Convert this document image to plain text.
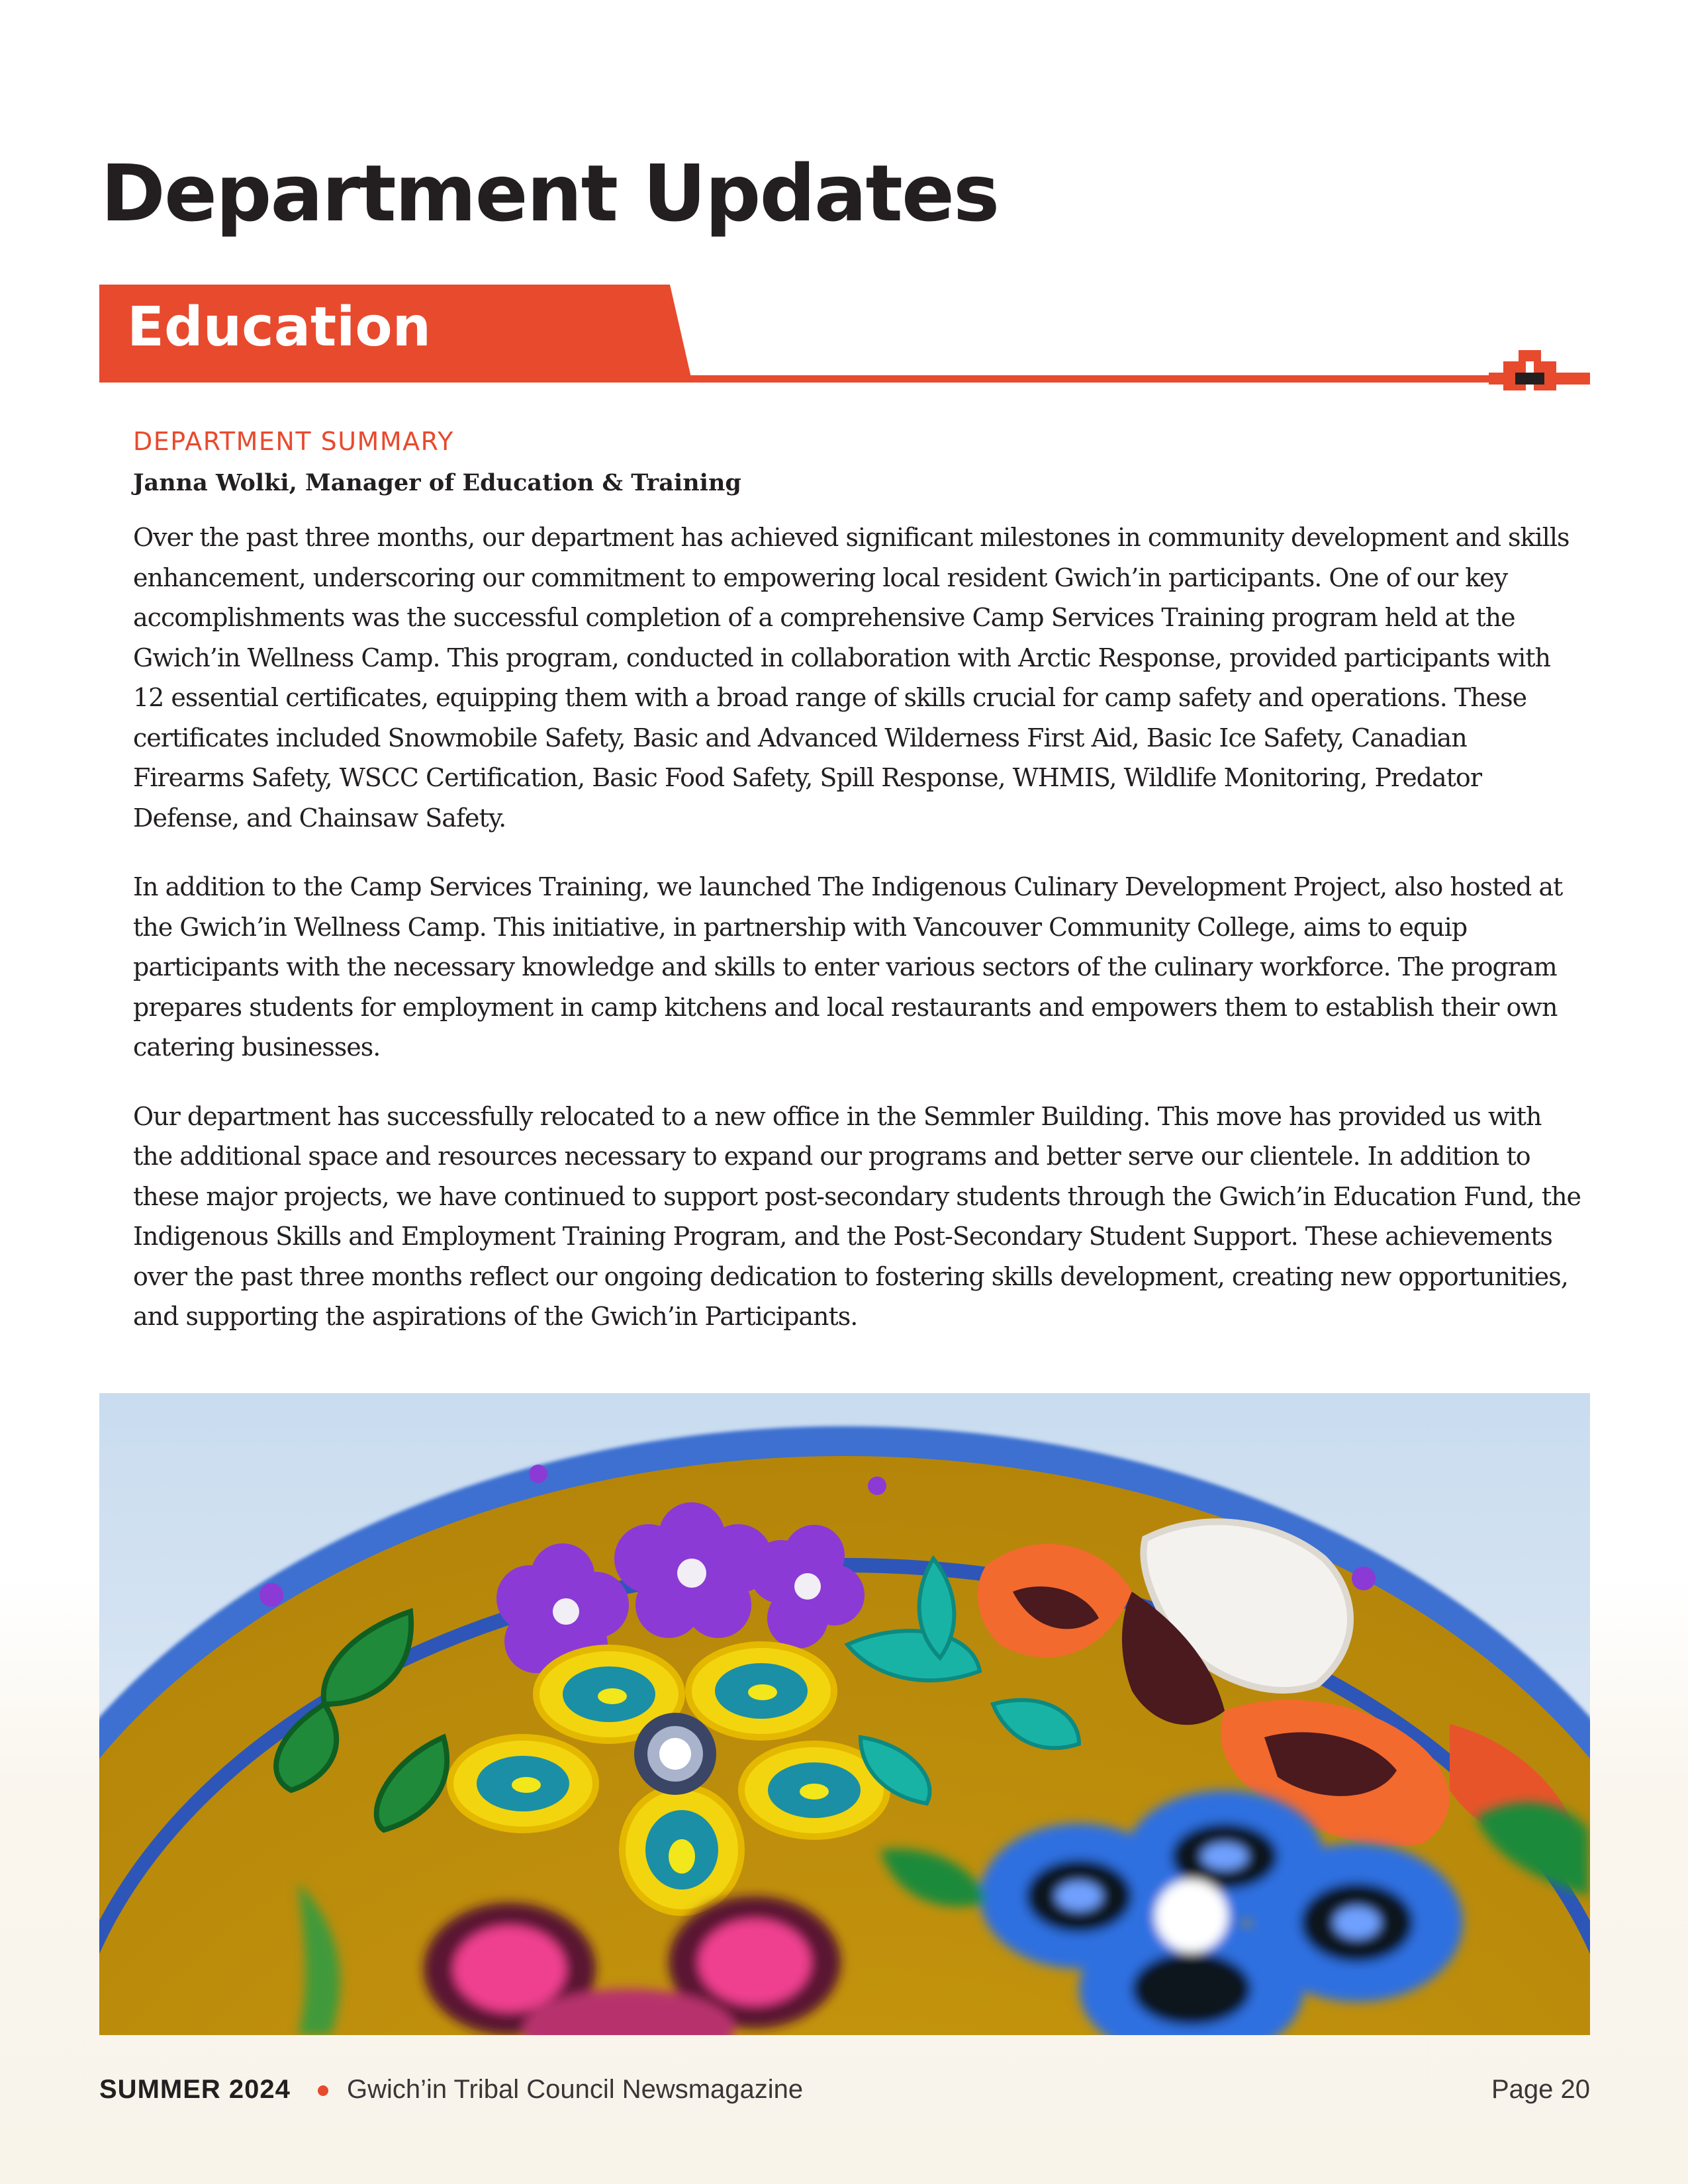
Department Updates
Education
DEPARTMENT SUMMARY
Janna Wolki, Manager of Education & Training

Over the past three months, our department has achieved significant milestones in community development and skills enhancement, underscoring our commitment to empowering local resident Gwich’in participants. One of our key accomplishments was the successful completion of a comprehensive Camp Services Training program held at the Gwich’in Wellness Camp. This program, conducted in collaboration with Arctic Response, provided participants with 12 essential certificates, equipping them with a broad range of skills crucial for camp safety and operations. These certificates included Snowmobile Safety, Basic and Advanced Wilderness First Aid, Basic Ice Safety, Canadian Firearms Safety, WSCC Certification, Basic Food Safety, Spill Response, WHMIS, Wildlife Monitoring, Predator Defense, and Chainsaw Safety.

In addition to the Camp Services Training, we launched The Indigenous Culinary Development Project, also hosted at the Gwich’in Wellness Camp. This initiative, in partnership with Vancouver Community College, aims to equip participants with the necessary knowledge and skills to enter various sectors of the culinary workforce. The program prepares students for employment in camp kitchens and local restaurants and empowers them to establish their own catering businesses.

Our department has successfully relocated to a new office in the Semmler Building. This move has provided us with the additional space and resources necessary to expand our programs and better serve our clientele. In addition to these major projects, we have continued to support post-secondary students through the Gwich’in Education Fund, the Indigenous Skills and Employment Training Program, and the Post-Secondary Student Support. These achievements over the past three months reflect our ongoing dedication to fostering skills development, creating new opportunities, and supporting the aspirations of the Gwich’in Participants.

SUMMER 2024 Gwich’in Tribal Council Newsmagazine	Page 20
